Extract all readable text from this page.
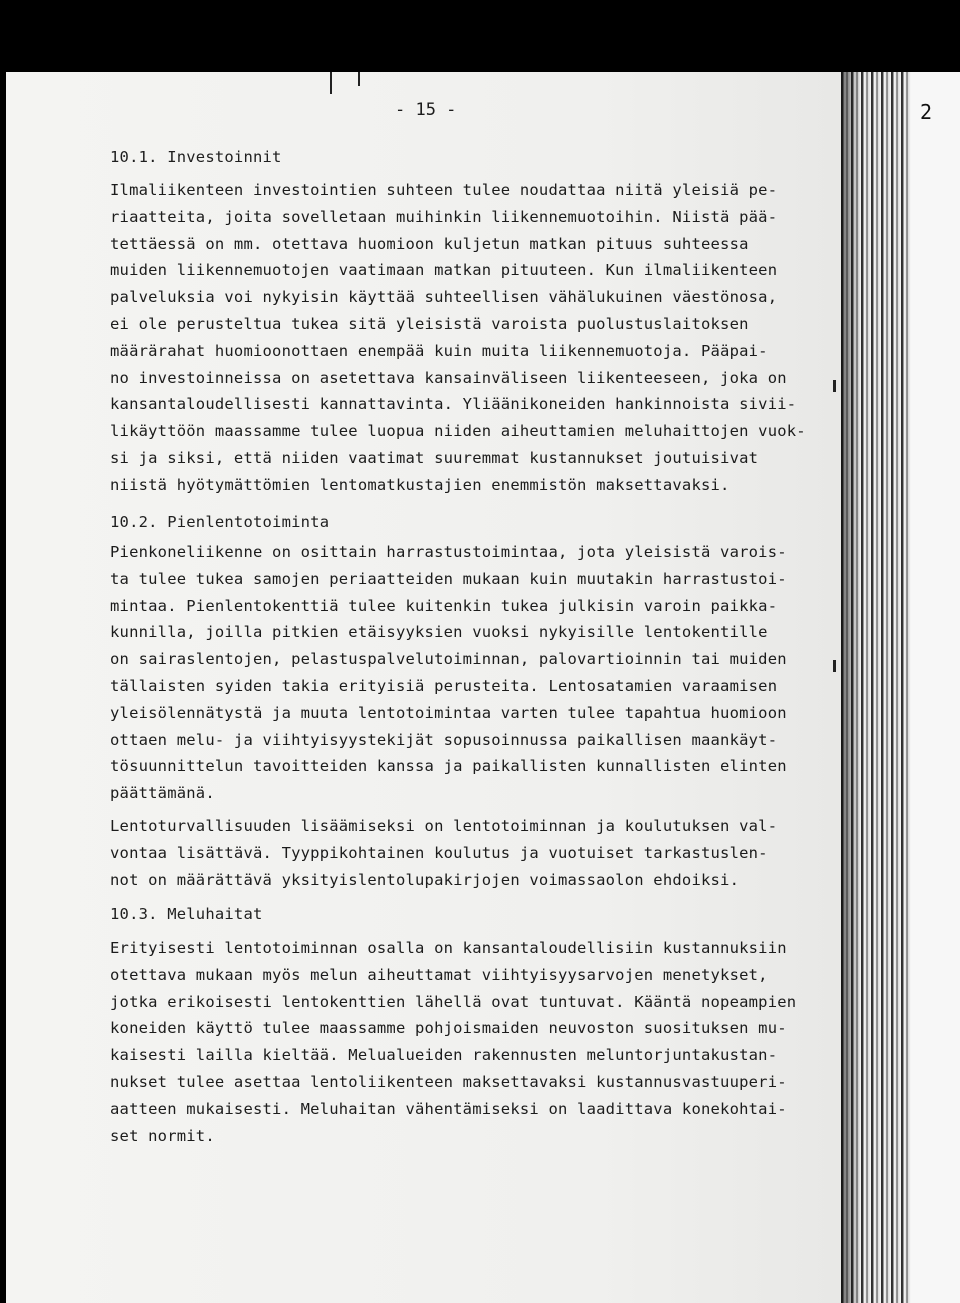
2
- 15 -
10.1. Investoinnit
Ilmaliikenteen investointien suhteen tulee noudattaa niitä yleisiä pe-
riaatteita, joita sovelletaan muihinkin liikennemuotoihin. Niistä pää-
tettäessä on mm. otettava huomioon kuljetun matkan pituus suhteessa
muiden liikennemuotojen vaatimaan matkan pituuteen. Kun ilmaliikenteen
palveluksia voi nykyisin käyttää suhteellisen vähälukuinen väestönosa,
ei ole perusteltua tukea sitä yleisistä varoista puolustuslaitoksen
määrärahat huomioonottaen enempää kuin muita liikennemuotoja. Pääpai-
no investoinneissa on asetettava kansainväliseen liikenteeseen, joka on
kansantaloudellisesti kannattavinta. Yliäänikoneiden hankinnoista sivii-
likäyttöön maassamme tulee luopua niiden aiheuttamien meluhaittojen vuok-
si ja siksi, että niiden vaatimat suuremmat kustannukset joutuisivat
niistä hyötymättömien lentomatkustajien enemmistön maksettavaksi.
10.2. Pienlentotoiminta
Pienkoneliikenne on osittain harrastustoimintaa, jota yleisistä varois-
ta tulee tukea samojen periaatteiden mukaan kuin muutakin harrastustoi-
mintaa. Pienlentokenttiä tulee kuitenkin tukea julkisin varoin paikka-
kunnilla, joilla pitkien etäisyyksien vuoksi nykyisille lentokentille
on sairaslentojen, pelastuspalvelutoiminnan, palovartioinnin tai muiden
tällaisten syiden takia erityisiä perusteita. Lentosatamien varaamisen
yleisölennätystä ja muuta lentotoimintaa varten tulee tapahtua huomioon
ottaen melu- ja viihtyisyystekijät sopusoinnussa paikallisen maankäyt-
tösuunnittelun tavoitteiden kanssa ja paikallisten kunnallisten elinten
päättämänä.
Lentoturvallisuuden lisäämiseksi on lentotoiminnan ja koulutuksen val-
vontaa lisättävä. Tyyppikohtainen koulutus ja vuotuiset tarkastuslen-
not on määrättävä yksityislentolupakirjojen voimassaolon ehdoiksi.
10.3. Meluhaitat
Erityisesti lentotoiminnan osalla on kansantaloudellisiin kustannuksiin
otettava mukaan myös melun aiheuttamat viihtyisyysarvojen menetykset,
jotka erikoisesti lentokenttien lähellä ovat tuntuvat. Kääntä nopeampien
koneiden käyttö tulee maassamme pohjoismaiden neuvoston suosituksen mu-
kaisesti lailla kieltää. Melualueiden rakennusten meluntorjuntakustan-
nukset tulee asettaa lentoliikenteen maksettavaksi kustannusvastuuperi-
aatteen mukaisesti. Meluhaitan vähentämiseksi on laadittava konekohtai-
set normit.
